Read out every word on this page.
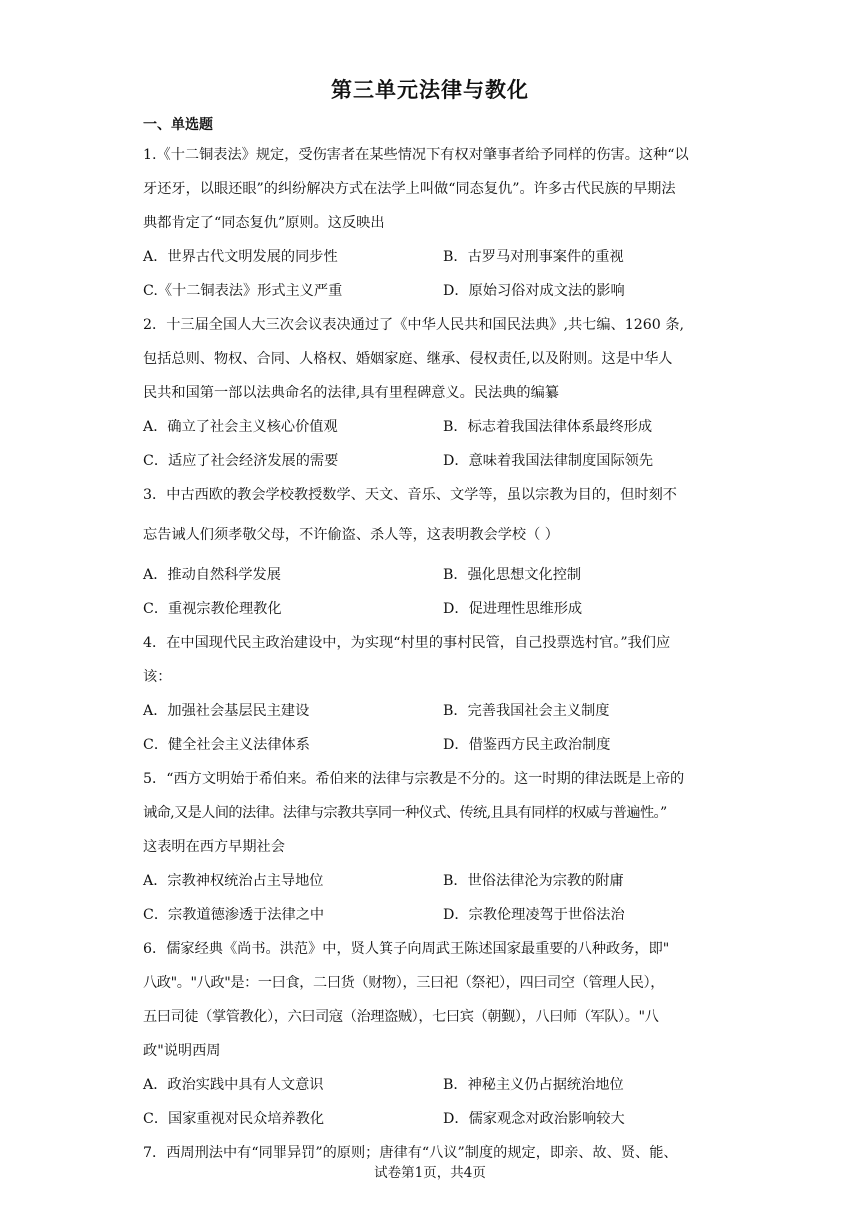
第三单元法律与教化
一、单选题

1.《十二铜表法》规定，受伤害者在某些情况下有权对肇事者给予同样的伤害。这种“以
牙还牙，以眼还眼”的纠纷解决方式在法学上叫做“同态复仇”。许多古代民族的早期法
典都肯定了“同态复仇”原则。这反映出

A．世界古代文明发展的同步性	B．古罗马对刑事案件的重视
C.《十二铜表法》形式主义严重	D．原始习俗对成文法的影响

2．十三届全国人大三次会议表决通过了《中华人民共和国民法典》,共七编、1260 条,
包括总则、物权、合同、人格权、婚姻家庭、继承、侵权责任,以及附则。这是中华人
民共和国第一部以法典命名的法律,具有里程碑意义。民法典的编纂

A．确立了社会主义核心价值观	B．标志着我国法律体系最终形成
C．适应了社会经济发展的需要	D．意味着我国法律制度国际领先

3．中古西欧的教会学校教授数学、天文、音乐、文学等，虽以宗教为目的，但时刻不
忘告诫人们须孝敬父母，不许偷盗、杀人等，这表明教会学校（ ）

A．推动自然科学发展	B．强化思想文化控制
C．重视宗教伦理教化	D．促进理性思维形成

4．在中国现代民主政治建设中，为实现“村里的事村民管，自己投票选村官。”我们应
该：

A．加强社会基层民主建设	B．完善我国社会主义制度
C．健全社会主义法律体系	D．借鉴西方民主政治制度

5．“西方文明始于希伯来。希伯来的法律与宗教是不分的。这一时期的律法既是上帝的
诫命,又是人间的法律。法律与宗教共享同一种仪式、传统,且具有同样的权威与普遍性。”
这表明在西方早期社会

A．宗教神权统治占主导地位	B．世俗法律沦为宗教的附庸
C．宗教道德渗透于法律之中	D．宗教伦理凌驾于世俗法治

6．儒家经典《尚书。洪范》中，贤人箕子向周武王陈述国家最重要的八种政务，即"
八政"。"八政"是：一曰食，二曰货（财物），三曰祀（祭祀），四曰司空（管理人民），
五曰司徒（掌管教化），六曰司寇（治理盗贼），七曰宾（朝觐），八曰师（军队）。"八
政"说明西周

A．政治实践中具有人文意识	B．神秘主义仍占据统治地位
C．国家重视对民众培养教化	D．儒家观念对政治影响较大

7．西周刑法中有“同罪异罚”的原则；唐律有“八议”制度的规定，即亲、故、贤、能、

试卷第1页，共4页
